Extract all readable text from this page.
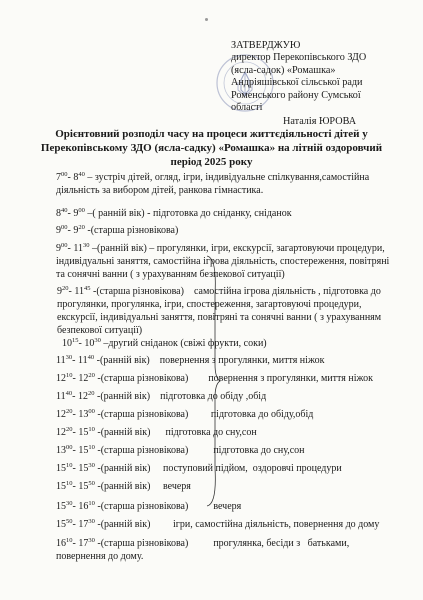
ЗАТВЕРДЖУЮ
директор Перекопівського ЗДО
(ясла-садок) «Ромашка»
Андріяшівської сільської ради
Роменського району Сумської
області
Наталія ЮРОВА
Орієнтовний розподіл часу на процеси життєдіяльності дітей у
Перекопівському ЗДО (ясла-садку) «Ромашка» на літній оздоровчий
період 2025 року
$7^{00}-$ $8^{40}$ – зустріч дітей, огляд, ігри, індивідуальне спілкування,самостійна діяльність за вибором дітей, ранкова гімнастика.
$8^{40}-$ $9^{00}$ –( ранній вік) - підготовка до сніданку, сніданок
$9^{00}-$ $9^{20}$ -(старша різновікова)
$9^{00}-$ $11^{30}$ –(ранній вік) – прогулянки, ігри, екскурсії, загартовуючи процедури, індивідуальні заняття, самостійна ігрова діяльність, спостереження, повітряні та сонячні ванни ( з урахуванням безпекової ситуації)
$9^{20}-$ $11^{45}$ -(старша різновікова)    самостійна ігрова діяльність , підготовка до прогулянки, прогулянка, ігри, спостереження, загартовуючі процедури, екскурсії, індивідуальні заняття, повітряні та сонячні ванни ( з урахуванням безпекової ситуації)
$10^{15}-$ $10^{30}$ –другий сніданок (свіжі фрукти, соки)
$11^{30}-$ $11^{40}$ -(ранній вік)    повернення з прогулянки, миття ніжок
$12^{10}-$ $12^{20}$ -(старша різновікова)        повернення з прогулянки, миття ніжок
$11^{40}-$ $12^{20}$ -(ранній вік)    підготовка до обіду ,обід
$12^{20}-$ $13^{00}$ -(старша різновікова)         підготовка до обіду,обід
$12^{20}-$ $15^{10}$ -(ранній вік)      підготовка до сну,сон
$13^{00}-$ $15^{10}$ -(старша різновікова)          підготовка до сну,сон
$15^{10}-$ $15^{30}$ -(ранній вік)     поступовий підйом,  оздоровчі процедури
$15^{10}-$ $15^{50}$ -(ранній вік)     вечеря
$15^{30}-$ $16^{10}$ -(старша різновікова)          вечеря
$15^{50}-$ $17^{30}$ -(ранній вік)         ігри, самостійна діяльність, повернення до дому
$16^{10}-$ $17^{30}$ -(старша різновікова)          прогулянка, бесіди з   батьками, повернення до дому.
